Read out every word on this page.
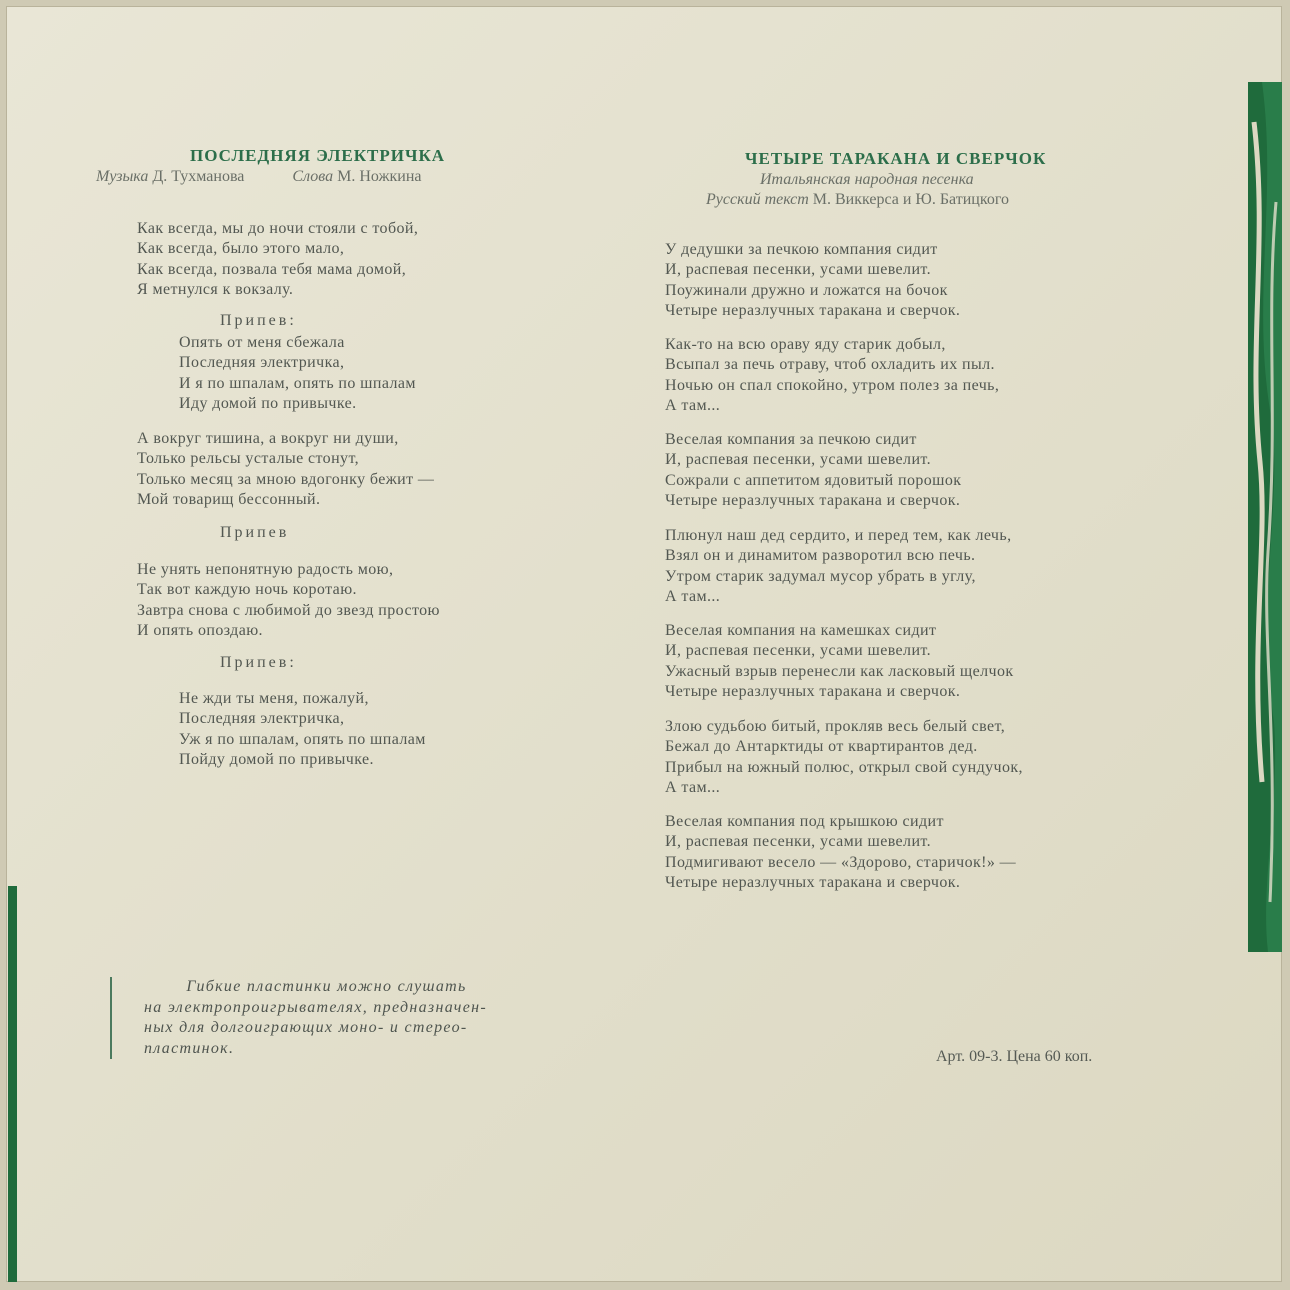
ПОСЛЕДНЯЯ ЭЛЕКТРИЧКА

Музыка Д. Тухманова	Слова М. Ножкина

Как всегда, мы до ночи стояли с тобой,
Как всегда, было этого мало,
Как всегда, позвала тебя мама домой,
Я метнулся к вокзалу.

Припев:

Опять от меня сбежала
Последняя электричка,
И я по шпалам, опять по шпалам
Иду домой по привычке.

А вокруг тишина, а вокруг ни души,
Только рельсы усталые стонут,
Только месяц за мною вдогонку бежит —
Мой товарищ бессонный.

Припев

Не унять непонятную радость мою,
Так вот каждую ночь коротаю.
Завтра снова с любимой до звезд простою
И опять опоздаю.

Припев:

Не жди ты меня, пожалуй,
Последняя электричка,
Уж я по шпалам, опять по шпалам
Пойду домой по привычке.

ЧЕТЫРЕ ТАРАКАНА И СВЕРЧОК

Итальянская народная песенка

Русский текст М. Виккерса и Ю. Батицкого

У дедушки за печкою компания сидит
И, распевая песенки, усами шевелит.
Поужинали дружно и ложатся на бочок
Четыре неразлучных таракана и сверчок.

Как-то на всю ораву яду старик добыл,
Всыпал за печь отраву, чтоб охладить их пыл.
Ночью он спал спокойно, утром полез за печь,
А там...

Веселая компания за печкою сидит
И, распевая песенки, усами шевелит.
Сожрали с аппетитом ядовитый порошок
Четыре неразлучных таракана и сверчок.

Плюнул наш дед сердито, и перед тем, как лечь,
Взял он и динамитом разворотил всю печь.
Утром старик задумал мусор убрать в углу,
А там...

Веселая компания на камешках сидит
И, распевая песенки, усами шевелит.
Ужасный взрыв перенесли как ласковый щелчок
Четыре неразлучных таракана и сверчок.

Злою судьбою битый, прокляв весь белый свет,
Бежал до Антарктиды от квартирантов дед.
Прибыл на южный полюс, открыл свой сундучок,
А там...

Веселая компания под крышкою сидит
И, распевая песенки, усами шевелит.
Подмигивают весело — «Здорово, старичок!» —
Четыре неразлучных таракана и сверчок.

Гибкие пластинки можно слушать
на электропроигрывателях, предназначен-
ных для долгоиграющих моно- и стерео-
пластинок.	Арт. 09-3. Цена 60 коп.
